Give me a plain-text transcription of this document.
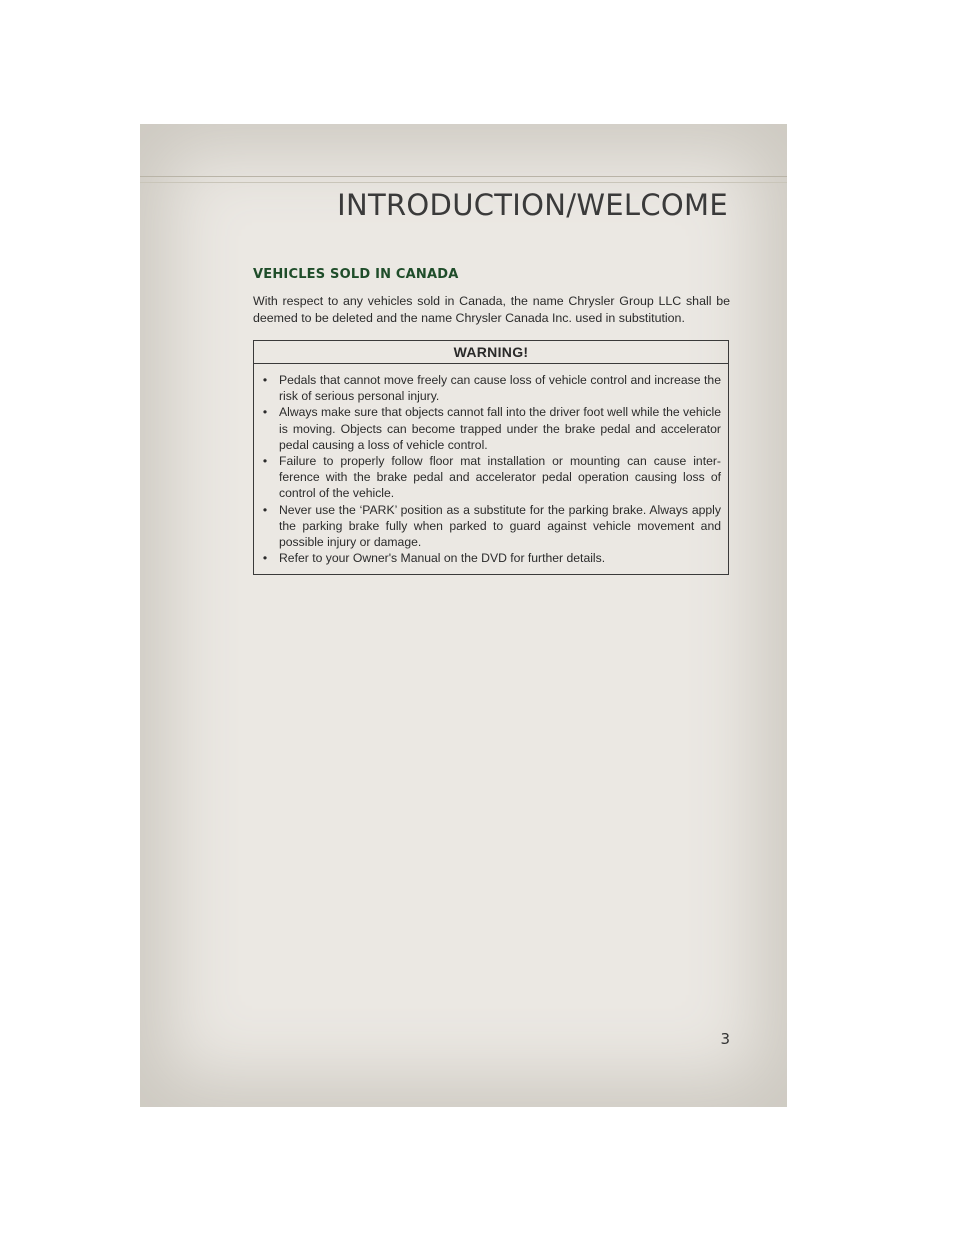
INTRODUCTION/WELCOME
VEHICLES SOLD IN CANADA
With respect to any vehicles sold in Canada, the name Chrysler Group LLC shall be deemed to be deleted and the name Chrysler Canada Inc. used in substitution.
WARNING!
• Pedals that cannot move freely can cause loss of vehicle control and increase the risk of serious personal injury.
• Always make sure that objects cannot fall into the driver foot well while the vehicle is moving. Objects can become trapped under the brake pedal and accelerator pedal causing a loss of vehicle control.
• Failure to properly follow floor mat installation or mounting can cause inter-ference with the brake pedal and accelerator pedal operation causing loss of control of the vehicle.
• Never use the ‘PARK’ position as a substitute for the parking brake. Always apply the parking brake fully when parked to guard against vehicle movement and possible injury or damage.
• Refer to your Owner's Manual on the DVD for further details.
3
